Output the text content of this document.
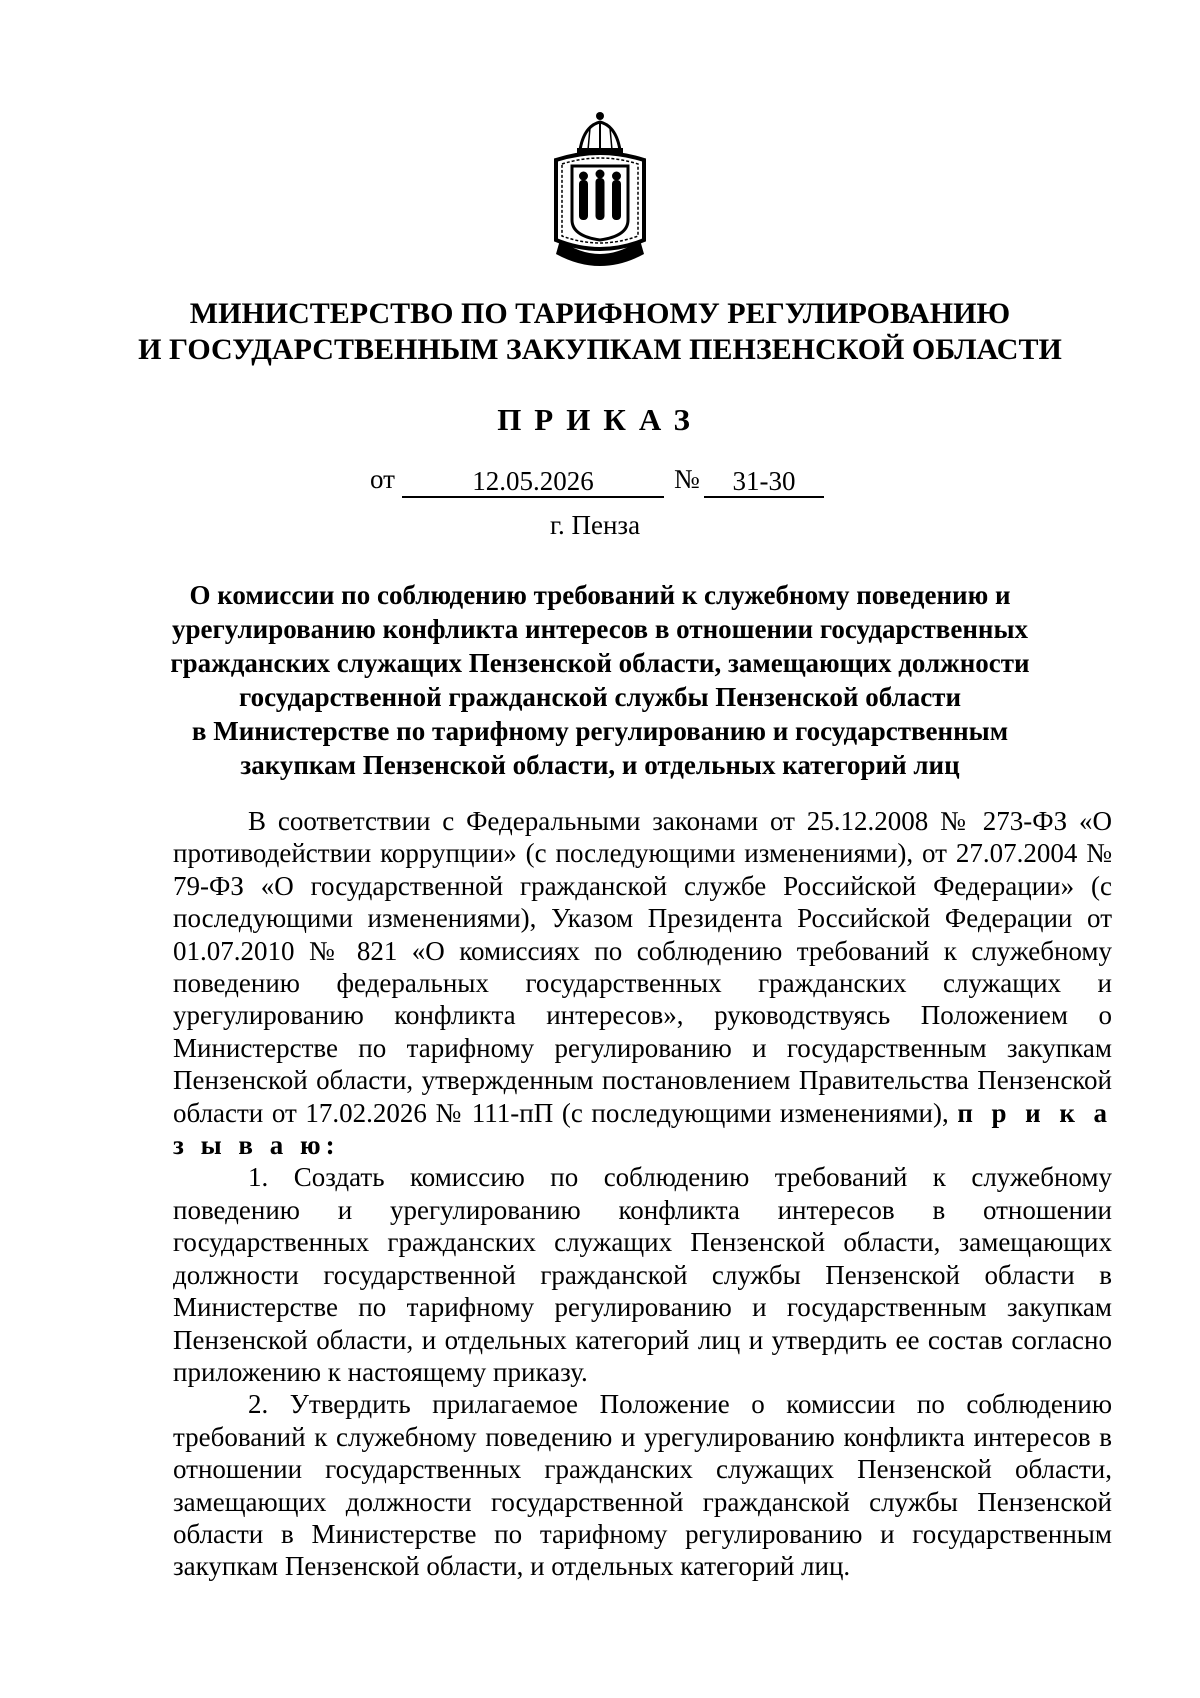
МИНИСТЕРСТВО ПО ТАРИФНОМУ РЕГУЛИРОВАНИЮ
И ГОСУДАРСТВЕННЫМ ЗАКУПКАМ ПЕНЗЕНСКОЙ ОБЛАСТИ
ПРИКАЗ
от	12.05.2026	№	31-30
г. Пенза
О комиссии по соблюдению требований к служебному поведению и
урегулированию конфликта интересов в отношении государственных
гражданских служащих Пензенской области, замещающих должности
государственной гражданской службы Пензенской области
в Министерстве по тарифному регулированию и государственным
закупкам Пензенской области, и отдельных категорий лиц

В соответствии с Федеральными законами от 25.12.2008 № 273-ФЗ «О противодействии коррупции» (с последующими изменениями), от 27.07.2004 № 79-ФЗ «О государственной гражданской службе Российской Федерации» (с последующими изменениями), Указом Президента Российской Федерации от 01.07.2010 № 821 «О комиссиях по соблюдению требований к служебному поведению федеральных государственных гражданских служащих и урегулированию конфликта интересов», руководствуясь Положением о Министерстве по тарифному регулированию и государственным закупкам Пензенской области, утвержденным постановлением Правительства Пензенской области от 17.02.2026 № 111-пП (с последующими изменениями), п р и к а з ы в а ю:

1. Создать комиссию по соблюдению требований к служебному поведению и урегулированию конфликта интересов в отношении государственных гражданских служащих Пензенской области, замещающих должности государственной гражданской службы Пензенской области в Министерстве по тарифному регулированию и государственным закупкам Пензенской области, и отдельных категорий лиц и утвердить ее состав согласно приложению к настоящему приказу.

2. Утвердить прилагаемое Положение о комиссии по соблюдению требований к служебному поведению и урегулированию конфликта интересов в отношении государственных гражданских служащих Пензенской области, замещающих должности государственной гражданской службы Пензенской области в Министерстве по тарифному регулированию и государственным закупкам Пензенской области, и отдельных категорий лиц.
